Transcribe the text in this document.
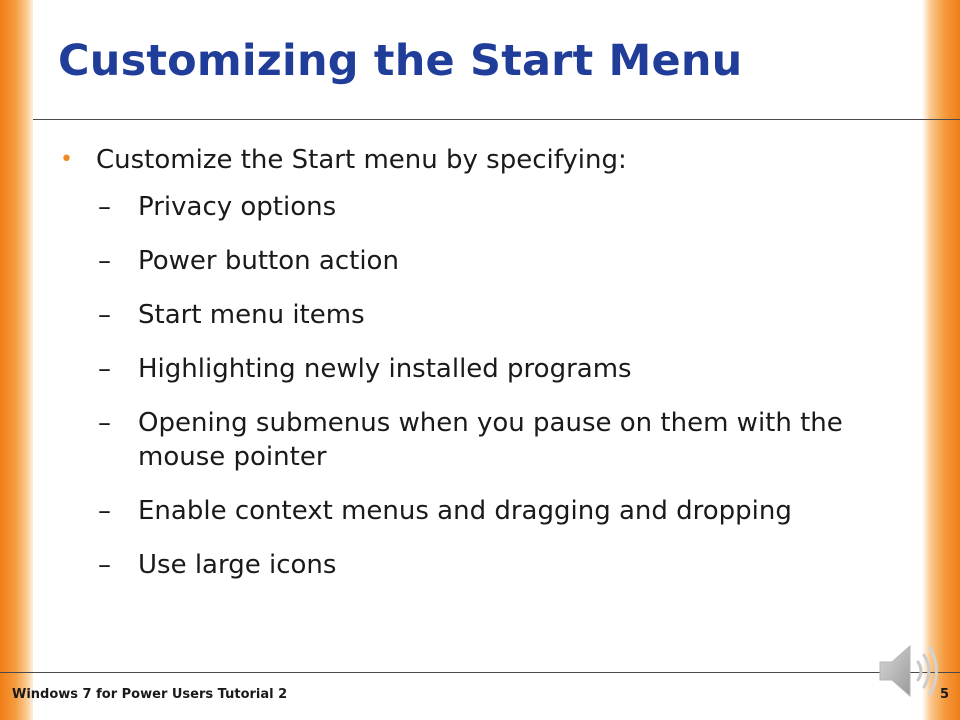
Customizing the Start Menu
• Customize the Start menu by specifying:
– Privacy options
– Power button action
– Start menu items
– Highlighting newly installed programs
– Opening submenus when you pause on them with the mouse pointer
– Enable context menus and dragging and dropping
– Use large icons
Windows 7 for Power Users Tutorial 2	5
